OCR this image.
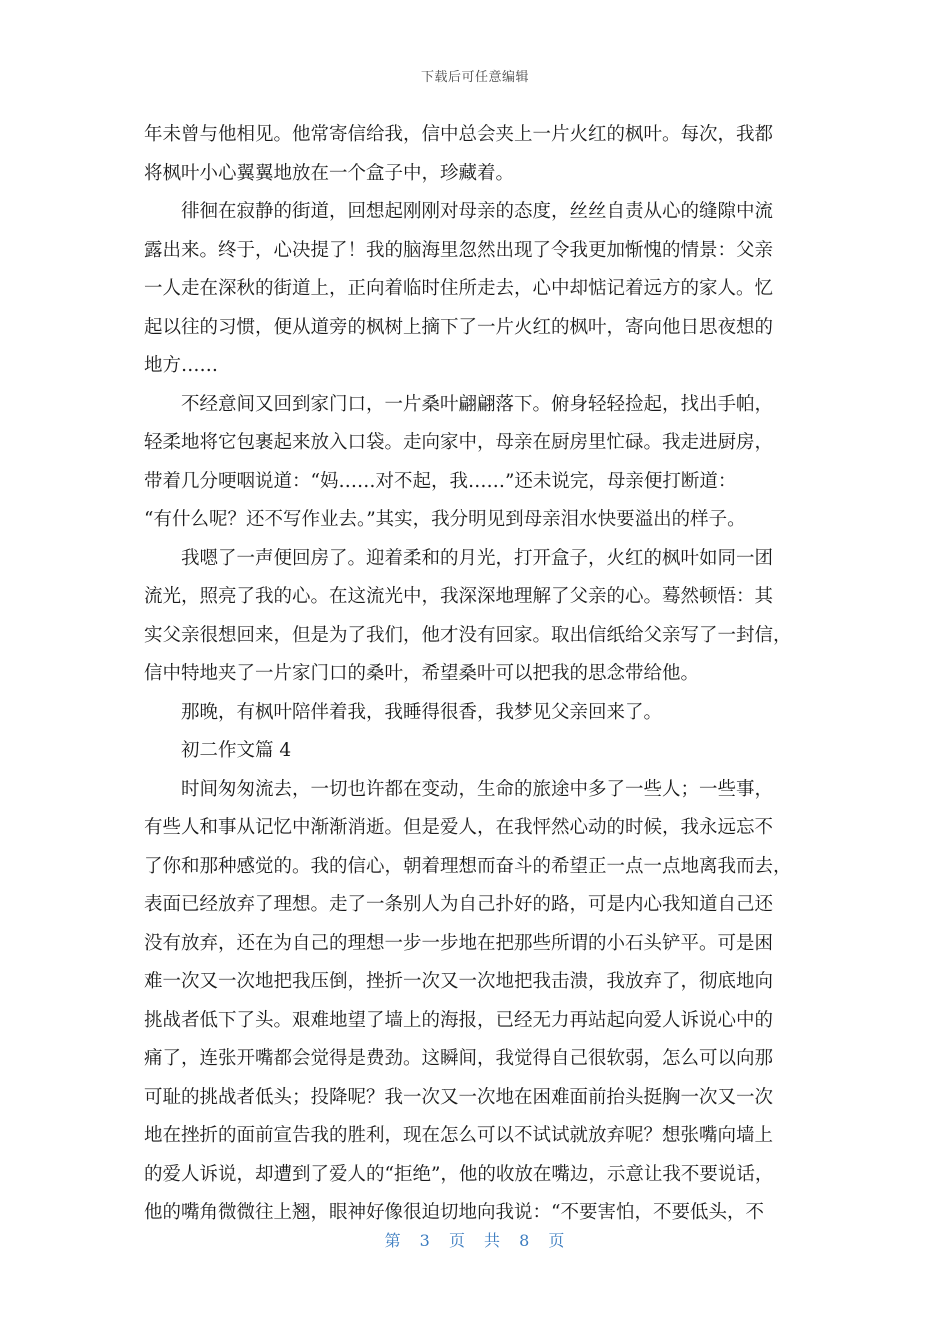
下载后可任意编辑
年未曾与他相见。他常寄信给我，信中总会夹上一片火红的枫叶。每次，我都
将枫叶小心翼翼地放在一个盒子中，珍藏着。
徘徊在寂静的街道，回想起刚刚对母亲的态度，丝丝自责从心的缝隙中流
露出来。终于，心决提了！我的脑海里忽然出现了令我更加惭愧的情景：父亲
一人走在深秋的街道上，正向着临时住所走去，心中却惦记着远方的家人。忆
起以往的习惯，便从道旁的枫树上摘下了一片火红的枫叶，寄向他日思夜想的
地方……
不经意间又回到家门口，一片桑叶翩翩落下。俯身轻轻捡起，找出手帕，
轻柔地将它包裹起来放入口袋。走向家中，母亲在厨房里忙碌。我走进厨房，
带着几分哽咽说道：“妈……对不起，我……”还未说完，母亲便打断道：
“有什么呢？还不写作业去。”其实，我分明见到母亲泪水快要溢出的样子。
我嗯了一声便回房了。迎着柔和的月光，打开盒子，火红的枫叶如同一团
流光，照亮了我的心。在这流光中，我深深地理解了父亲的心。蓦然顿悟：其
实父亲很想回来，但是为了我们，他才没有回家。取出信纸给父亲写了一封信，
信中特地夹了一片家门口的桑叶，希望桑叶可以把我的思念带给他。
那晚，有枫叶陪伴着我，我睡得很香，我梦见父亲回来了。
初二作文篇 4
时间匆匆流去，一切也许都在变动，生命的旅途中多了一些人；一些事，
有些人和事从记忆中渐渐消逝。但是爱人，在我怦然心动的时候，我永远忘不
了你和那种感觉的。我的信心，朝着理想而奋斗的希望正一点一点地离我而去，
表面已经放弃了理想。走了一条别人为自己扑好的路，可是内心我知道自己还
没有放弃，还在为自己的理想一步一步地在把那些所谓的小石头铲平。可是困
难一次又一次地把我压倒，挫折一次又一次地把我击溃，我放弃了，彻底地向
挑战者低下了头。艰难地望了墙上的海报，已经无力再站起向爱人诉说心中的
痛了，连张开嘴都会觉得是费劲。这瞬间，我觉得自己很软弱，怎么可以向那
可耻的挑战者低头；投降呢？我一次又一次地在困难面前抬头挺胸一次又一次
地在挫折的面前宣告我的胜利，现在怎么可以不试试就放弃呢？想张嘴向墙上
的爱人诉说，却遭到了爱人的“拒绝”，他的收放在嘴边，示意让我不要说话，
他的嘴角微微往上翘，眼神好像很迫切地向我说：“不要害怕，不要低头，不
第 3 页 共 8 页
